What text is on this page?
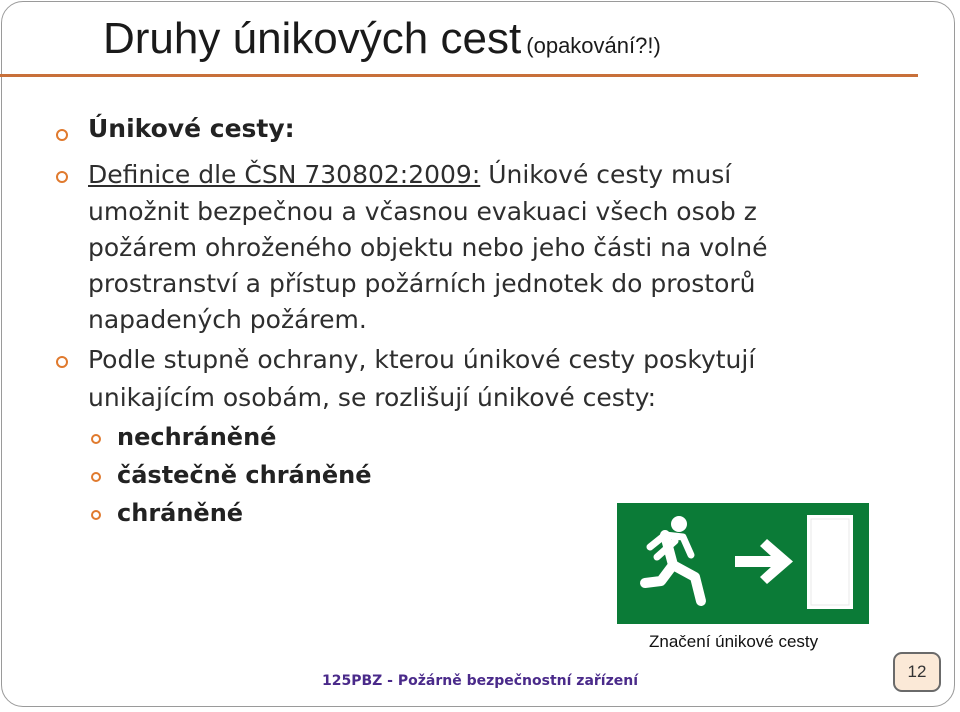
Druhy únikových cest (opakování?!)
Únikové cesty:
Definice dle ČSN 730802:2009: Únikové cesty musí
umožnit bezpečnou a včasnou evakuaci všech osob z
požárem ohroženého objektu nebo jeho části na volné
prostranství a přístup požárních jednotek do prostorů
napadených požárem.
Podle stupně ochrany, kterou únikové cesty poskytují
unikajícím osobám, se rozlišují únikové cesty:
nechráněné
částečně chráněné
chráněné
Značení únikové cesty
125PBZ - Požárně bezpečnostní zařízení	12
